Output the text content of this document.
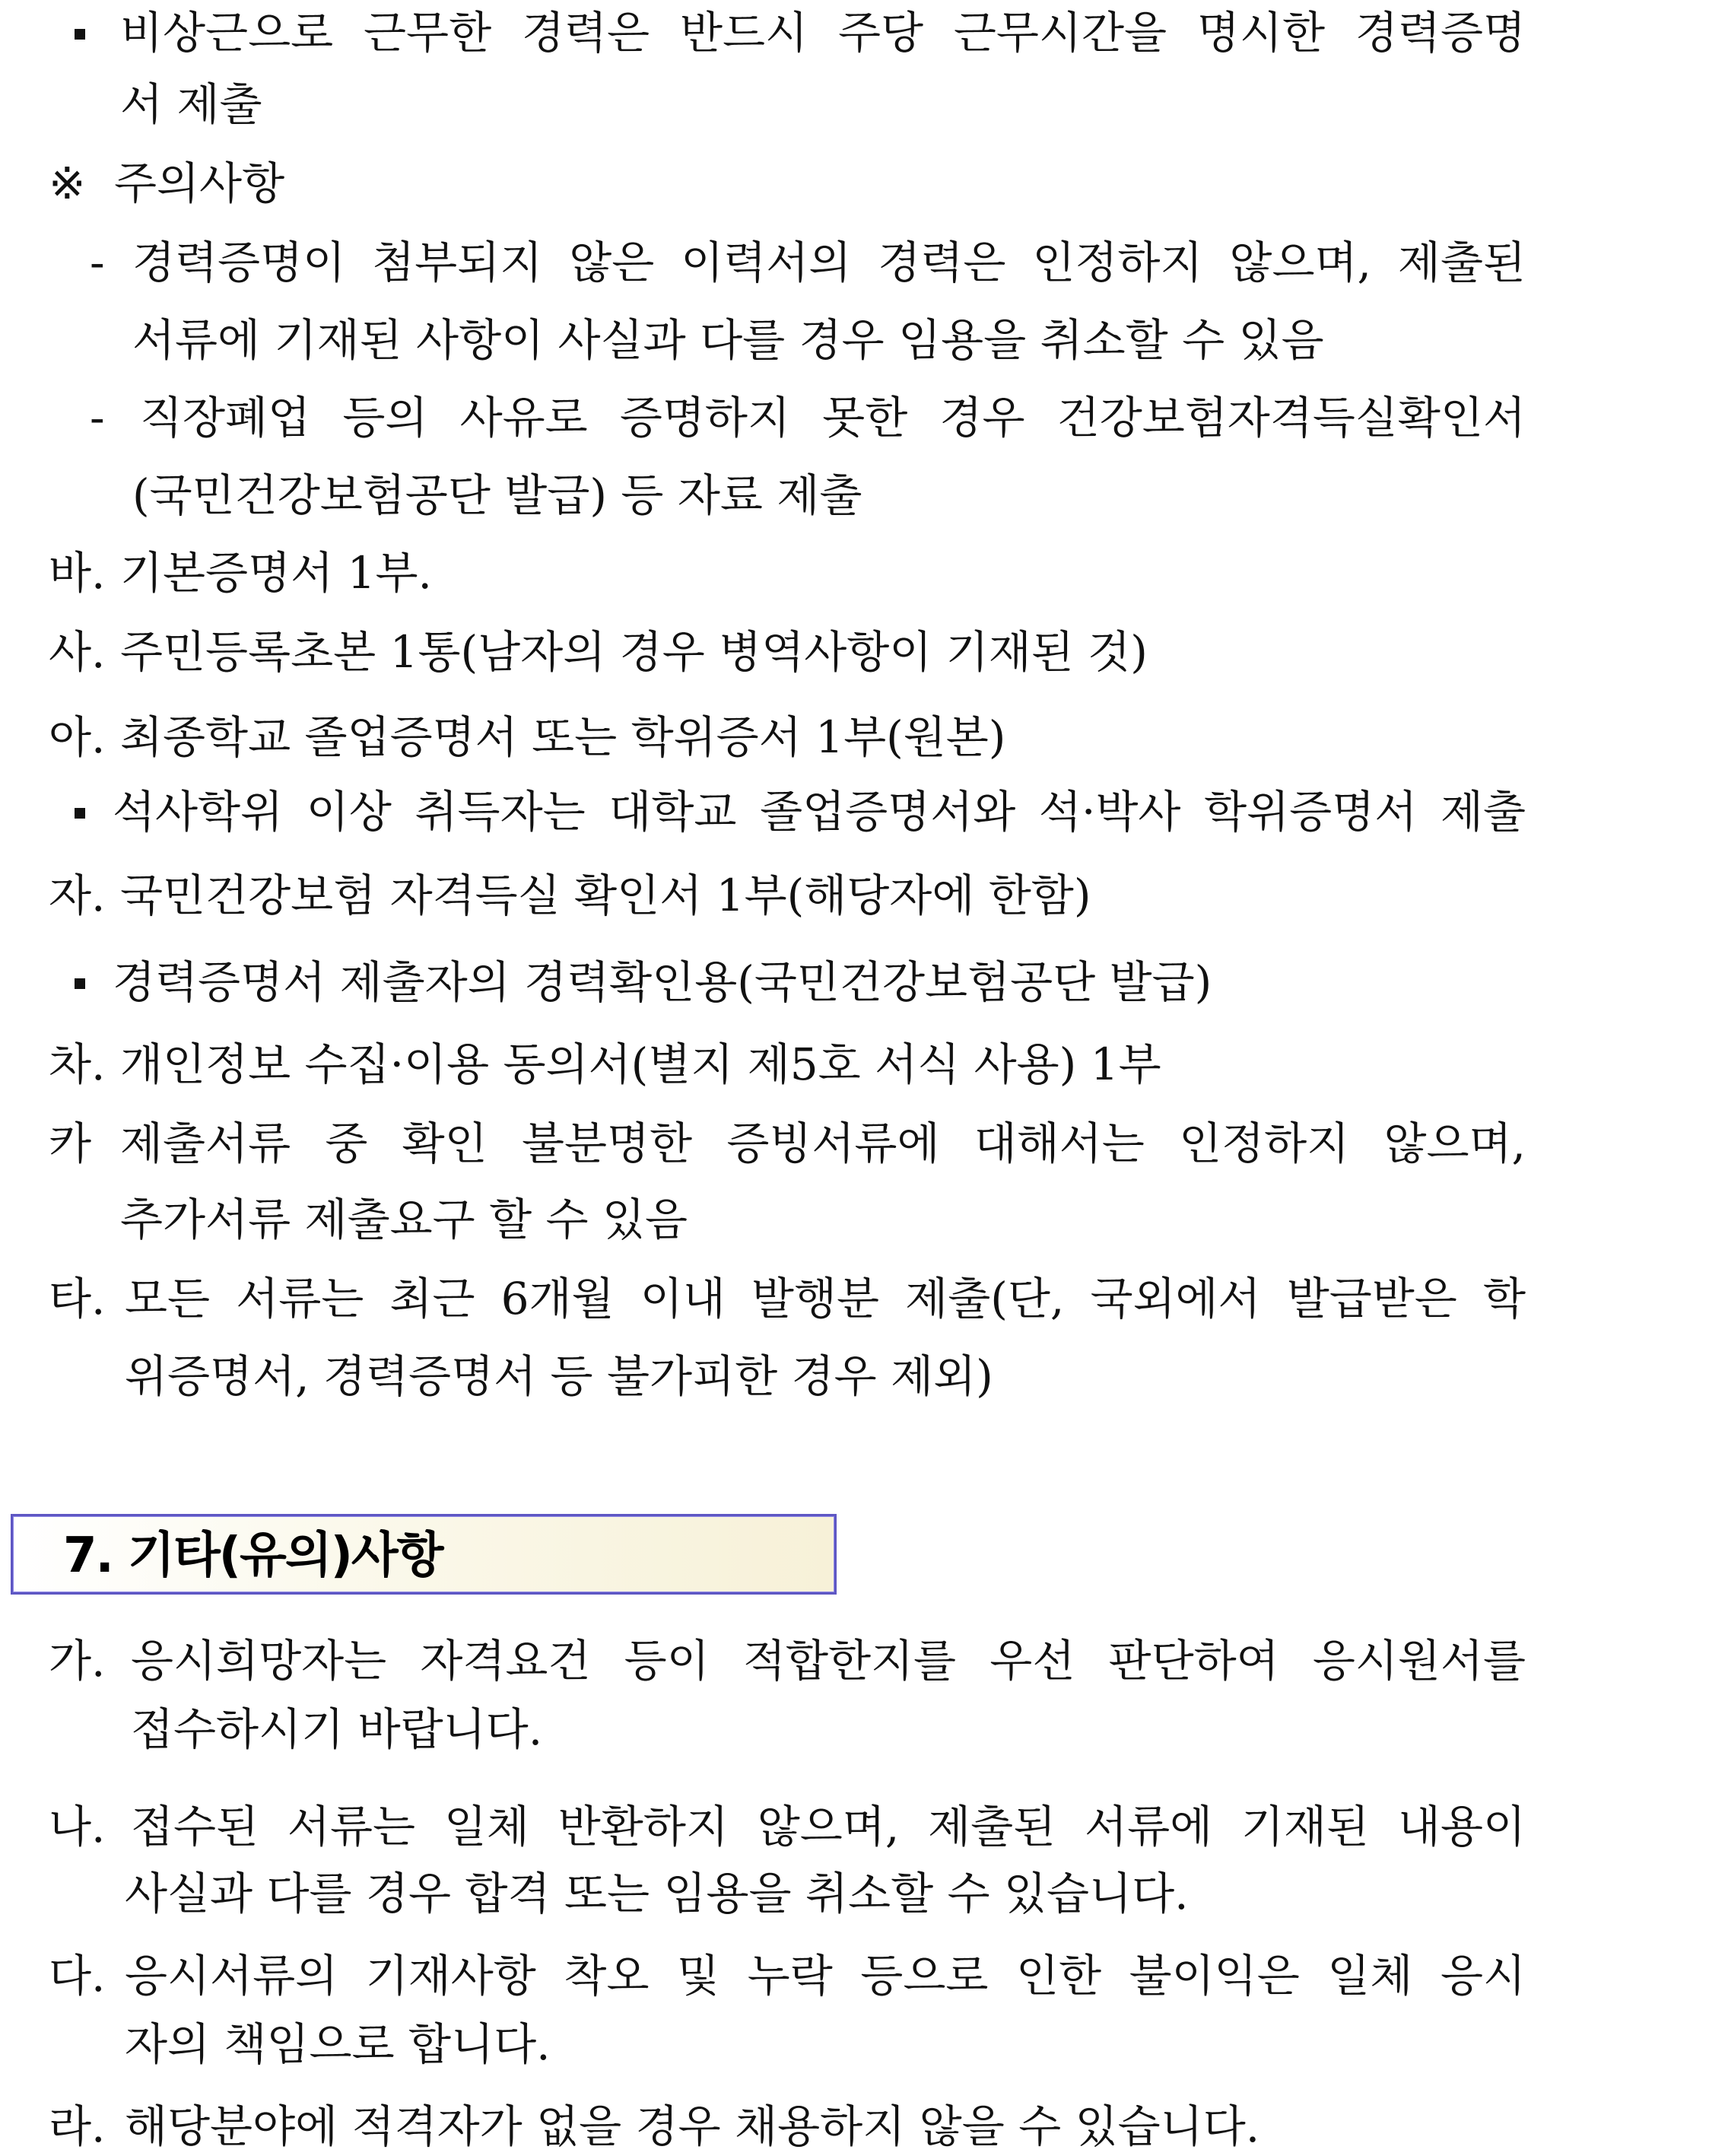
비상근으로 근무한 경력은 반드시 주당 근무시간을 명시한 경력증명
서 제출
※ 주의사항
- 경력증명이 첨부되지 않은 이력서의 경력은 인정하지 않으며, 제출된
서류에 기재된 사항이 사실과 다를 경우 임용을 취소할 수 있음
- 직장폐업 등의 사유로 증명하지 못한 경우 건강보험자격득실확인서
(국민건강보험공단 발급) 등 자료 제출
바. 기본증명서 1부.
사. 주민등록초본 1통(남자의 경우 병역사항이 기재된 것)
아. 최종학교 졸업증명서 또는 학위증서 1부(원본)
석사학위 이상 취득자는 대학교 졸업증명서와 석·박사 학위증명서 제출
자. 국민건강보험 자격득실 확인서 1부(해당자에 한함)
경력증명서 제출자의 경력확인용(국민건강보험공단 발급)
차. 개인정보 수집·이용 동의서(별지 제5호 서식 사용) 1부
카 제출서류 중 확인 불분명한 증빙서류에 대해서는 인정하지 않으며,
추가서류 제출요구 할 수 있음
타. 모든 서류는 최근 6개월 이내 발행분 제출(단, 국외에서 발급받은 학
위증명서, 경력증명서 등 불가피한 경우 제외)
7. 기타(유의)사항
가. 응시희망자는 자격요건 등이 적합한지를 우선 판단하여 응시원서를
접수하시기 바랍니다.
나. 접수된 서류는 일체 반환하지 않으며, 제출된 서류에 기재된 내용이
사실과 다를 경우 합격 또는 임용을 취소할 수 있습니다.
다. 응시서류의 기재사항 착오 및 누락 등으로 인한 불이익은 일체 응시
자의 책임으로 합니다.
라. 해당분야에 적격자가 없을 경우 채용하지 않을 수 있습니다.
